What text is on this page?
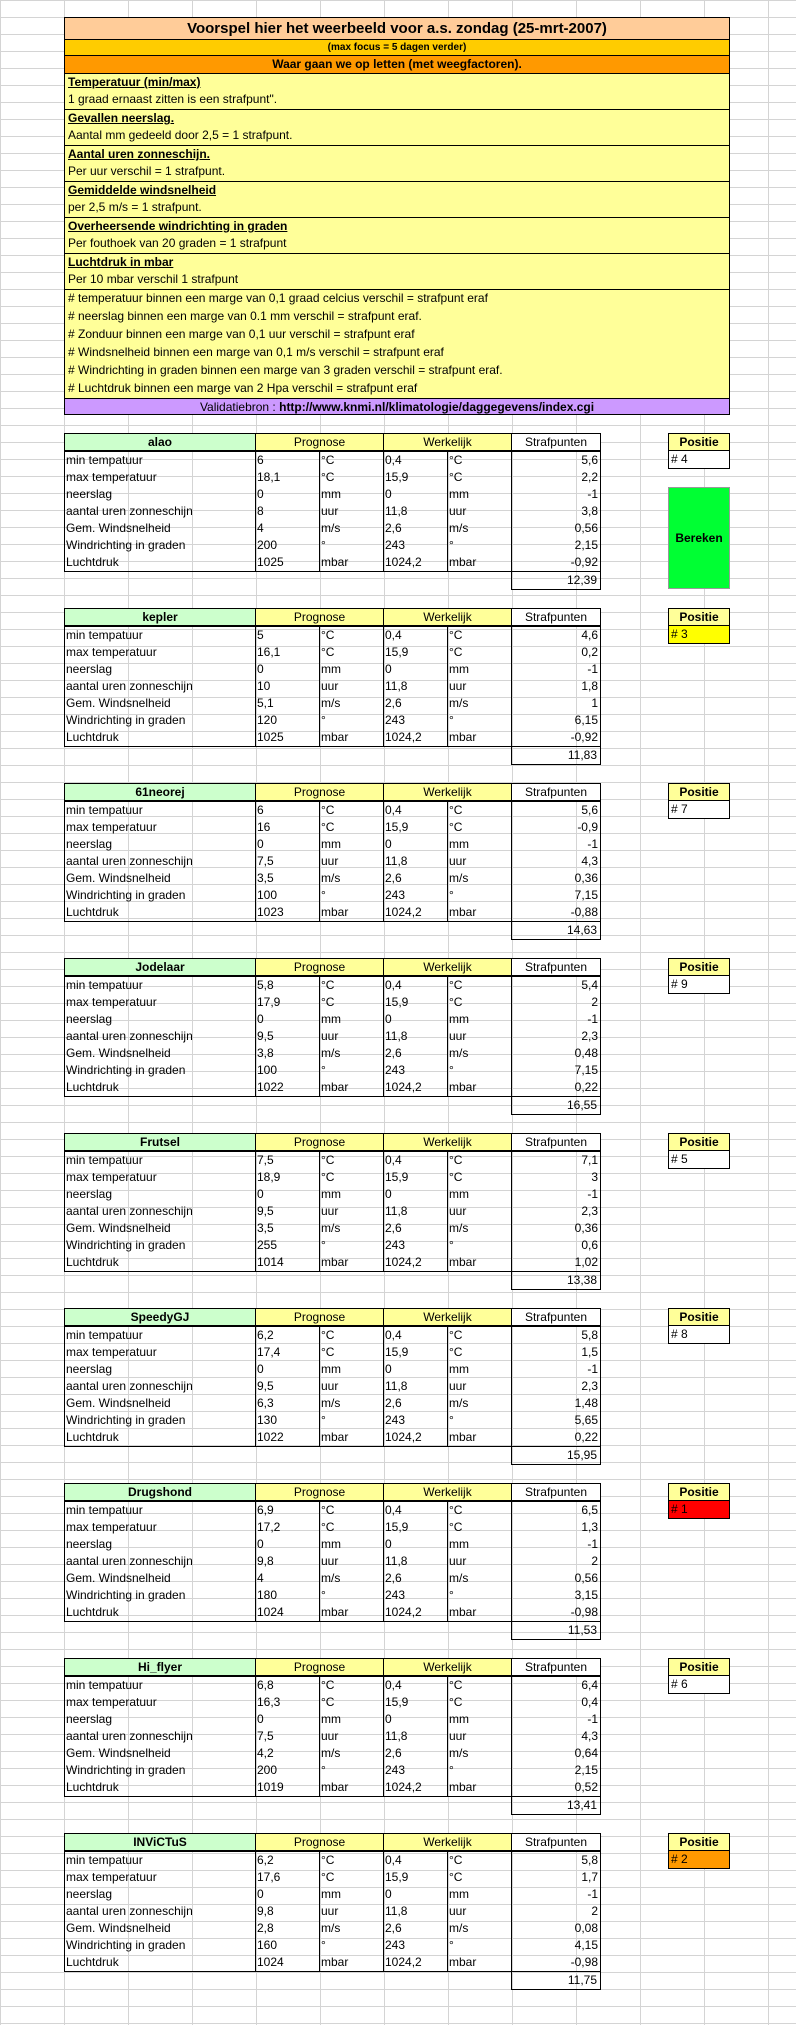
Voorspel hier het weerbeeld voor a.s. zondag (25-mrt-2007)
(max focus = 5 dagen verder)
Waar gaan we op letten (met weegfactoren).
Temperatuur (min/max)
1 graad ernaast zitten is een strafpunt".
Gevallen neerslag.
Aantal mm gedeeld door 2,5 = 1 strafpunt.
Aantal uren zonneschijn.
Per uur verschil = 1 strafpunt.
Gemiddelde windsnelheid
per 2,5 m/s = 1 strafpunt.
Overheersende windrichting in graden
Per fouthoek van 20 graden = 1 strafpunt
Luchtdruk in mbar
Per 10 mbar verschil 1 strafpunt
# temperatuur binnen een marge van 0,1 graad celcius verschil = strafpunt eraf
# neerslag binnen een marge van 0.1 mm verschil = strafpunt eraf.
# Zonduur binnen een marge van 0,1 uur verschil = strafpunt eraf
# Windsnelheid binnen een marge van 0,1 m/s verschil = strafpunt eraf
# Windrichting in graden binnen een marge van 3 graden verschil = strafpunt eraf.
# Luchtdruk binnen een marge van 2 Hpa verschil = strafpunt eraf
Validatiebron : http://www.knmi.nl/klimatologie/daggegevens/index.cgi
alao	Prognose	Werkelijk	Strafpunten	Positie
# 4
min tempatuur	6	°C	0,4	°C	5,6
max temperatuur	18,1	°C	15,9	°C	2,2
neerslag	0	mm	0	mm	-1
aantal uren zonneschijn	8	uur	11,8	uur	3,8
Gem. Windsnelheid	4	m/s	2,6	m/s	0,56
Windrichting in graden	200	°	243	°	2,15
Luchtdruk	1025	mbar	1024,2	mbar	-0,92
12,39
kepler	Prognose	Werkelijk	Strafpunten	Positie
# 3
min tempatuur	5	°C	0,4	°C	4,6
max temperatuur	16,1	°C	15,9	°C	0,2
neerslag	0	mm	0	mm	-1
aantal uren zonneschijn	10	uur	11,8	uur	1,8
Gem. Windsnelheid	5,1	m/s	2,6	m/s	1
Windrichting in graden	120	°	243	°	6,15
Luchtdruk	1025	mbar	1024,2	mbar	-0,92
11,83
61neorej	Prognose	Werkelijk	Strafpunten	Positie
# 7
min tempatuur	6	°C	0,4	°C	5,6
max temperatuur	16	°C	15,9	°C	-0,9
neerslag	0	mm	0	mm	-1
aantal uren zonneschijn	7,5	uur	11,8	uur	4,3
Gem. Windsnelheid	3,5	m/s	2,6	m/s	0,36
Windrichting in graden	100	°	243	°	7,15
Luchtdruk	1023	mbar	1024,2	mbar	-0,88
14,63
Jodelaar	Prognose	Werkelijk	Strafpunten	Positie
# 9
min tempatuur	5,8	°C	0,4	°C	5,4
max temperatuur	17,9	°C	15,9	°C	2
neerslag	0	mm	0	mm	-1
aantal uren zonneschijn	9,5	uur	11,8	uur	2,3
Gem. Windsnelheid	3,8	m/s	2,6	m/s	0,48
Windrichting in graden	100	°	243	°	7,15
Luchtdruk	1022	mbar	1024,2	mbar	0,22
16,55
Frutsel	Prognose	Werkelijk	Strafpunten	Positie
# 5
min tempatuur	7,5	°C	0,4	°C	7,1
max temperatuur	18,9	°C	15,9	°C	3
neerslag	0	mm	0	mm	-1
aantal uren zonneschijn	9,5	uur	11,8	uur	2,3
Gem. Windsnelheid	3,5	m/s	2,6	m/s	0,36
Windrichting in graden	255	°	243	°	0,6
Luchtdruk	1014	mbar	1024,2	mbar	1,02
13,38
SpeedyGJ	Prognose	Werkelijk	Strafpunten	Positie
# 8
min tempatuur	6,2	°C	0,4	°C	5,8
max temperatuur	17,4	°C	15,9	°C	1,5
neerslag	0	mm	0	mm	-1
aantal uren zonneschijn	9,5	uur	11,8	uur	2,3
Gem. Windsnelheid	6,3	m/s	2,6	m/s	1,48
Windrichting in graden	130	°	243	°	5,65
Luchtdruk	1022	mbar	1024,2	mbar	0,22
15,95
Drugshond	Prognose	Werkelijk	Strafpunten	Positie
# 1
min tempatuur	6,9	°C	0,4	°C	6,5
max temperatuur	17,2	°C	15,9	°C	1,3
neerslag	0	mm	0	mm	-1
aantal uren zonneschijn	9,8	uur	11,8	uur	2
Gem. Windsnelheid	4	m/s	2,6	m/s	0,56
Windrichting in graden	180	°	243	°	3,15
Luchtdruk	1024	mbar	1024,2	mbar	-0,98
11,53
Hi_flyer	Prognose	Werkelijk	Strafpunten	Positie
# 6
min tempatuur	6,8	°C	0,4	°C	6,4
max temperatuur	16,3	°C	15,9	°C	0,4
neerslag	0	mm	0	mm	-1
aantal uren zonneschijn	7,5	uur	11,8	uur	4,3
Gem. Windsnelheid	4,2	m/s	2,6	m/s	0,64
Windrichting in graden	200	°	243	°	2,15
Luchtdruk	1019	mbar	1024,2	mbar	0,52
13,41
INViCTuS	Prognose	Werkelijk	Strafpunten	Positie
# 2
min tempatuur	6,2	°C	0,4	°C	5,8
max temperatuur	17,6	°C	15,9	°C	1,7
neerslag	0	mm	0	mm	-1
aantal uren zonneschijn	9,8	uur	11,8	uur	2
Gem. Windsnelheid	2,8	m/s	2,6	m/s	0,08
Windrichting in graden	160	°	243	°	4,15
Luchtdruk	1024	mbar	1024,2	mbar	-0,98
11,75
Bereken
